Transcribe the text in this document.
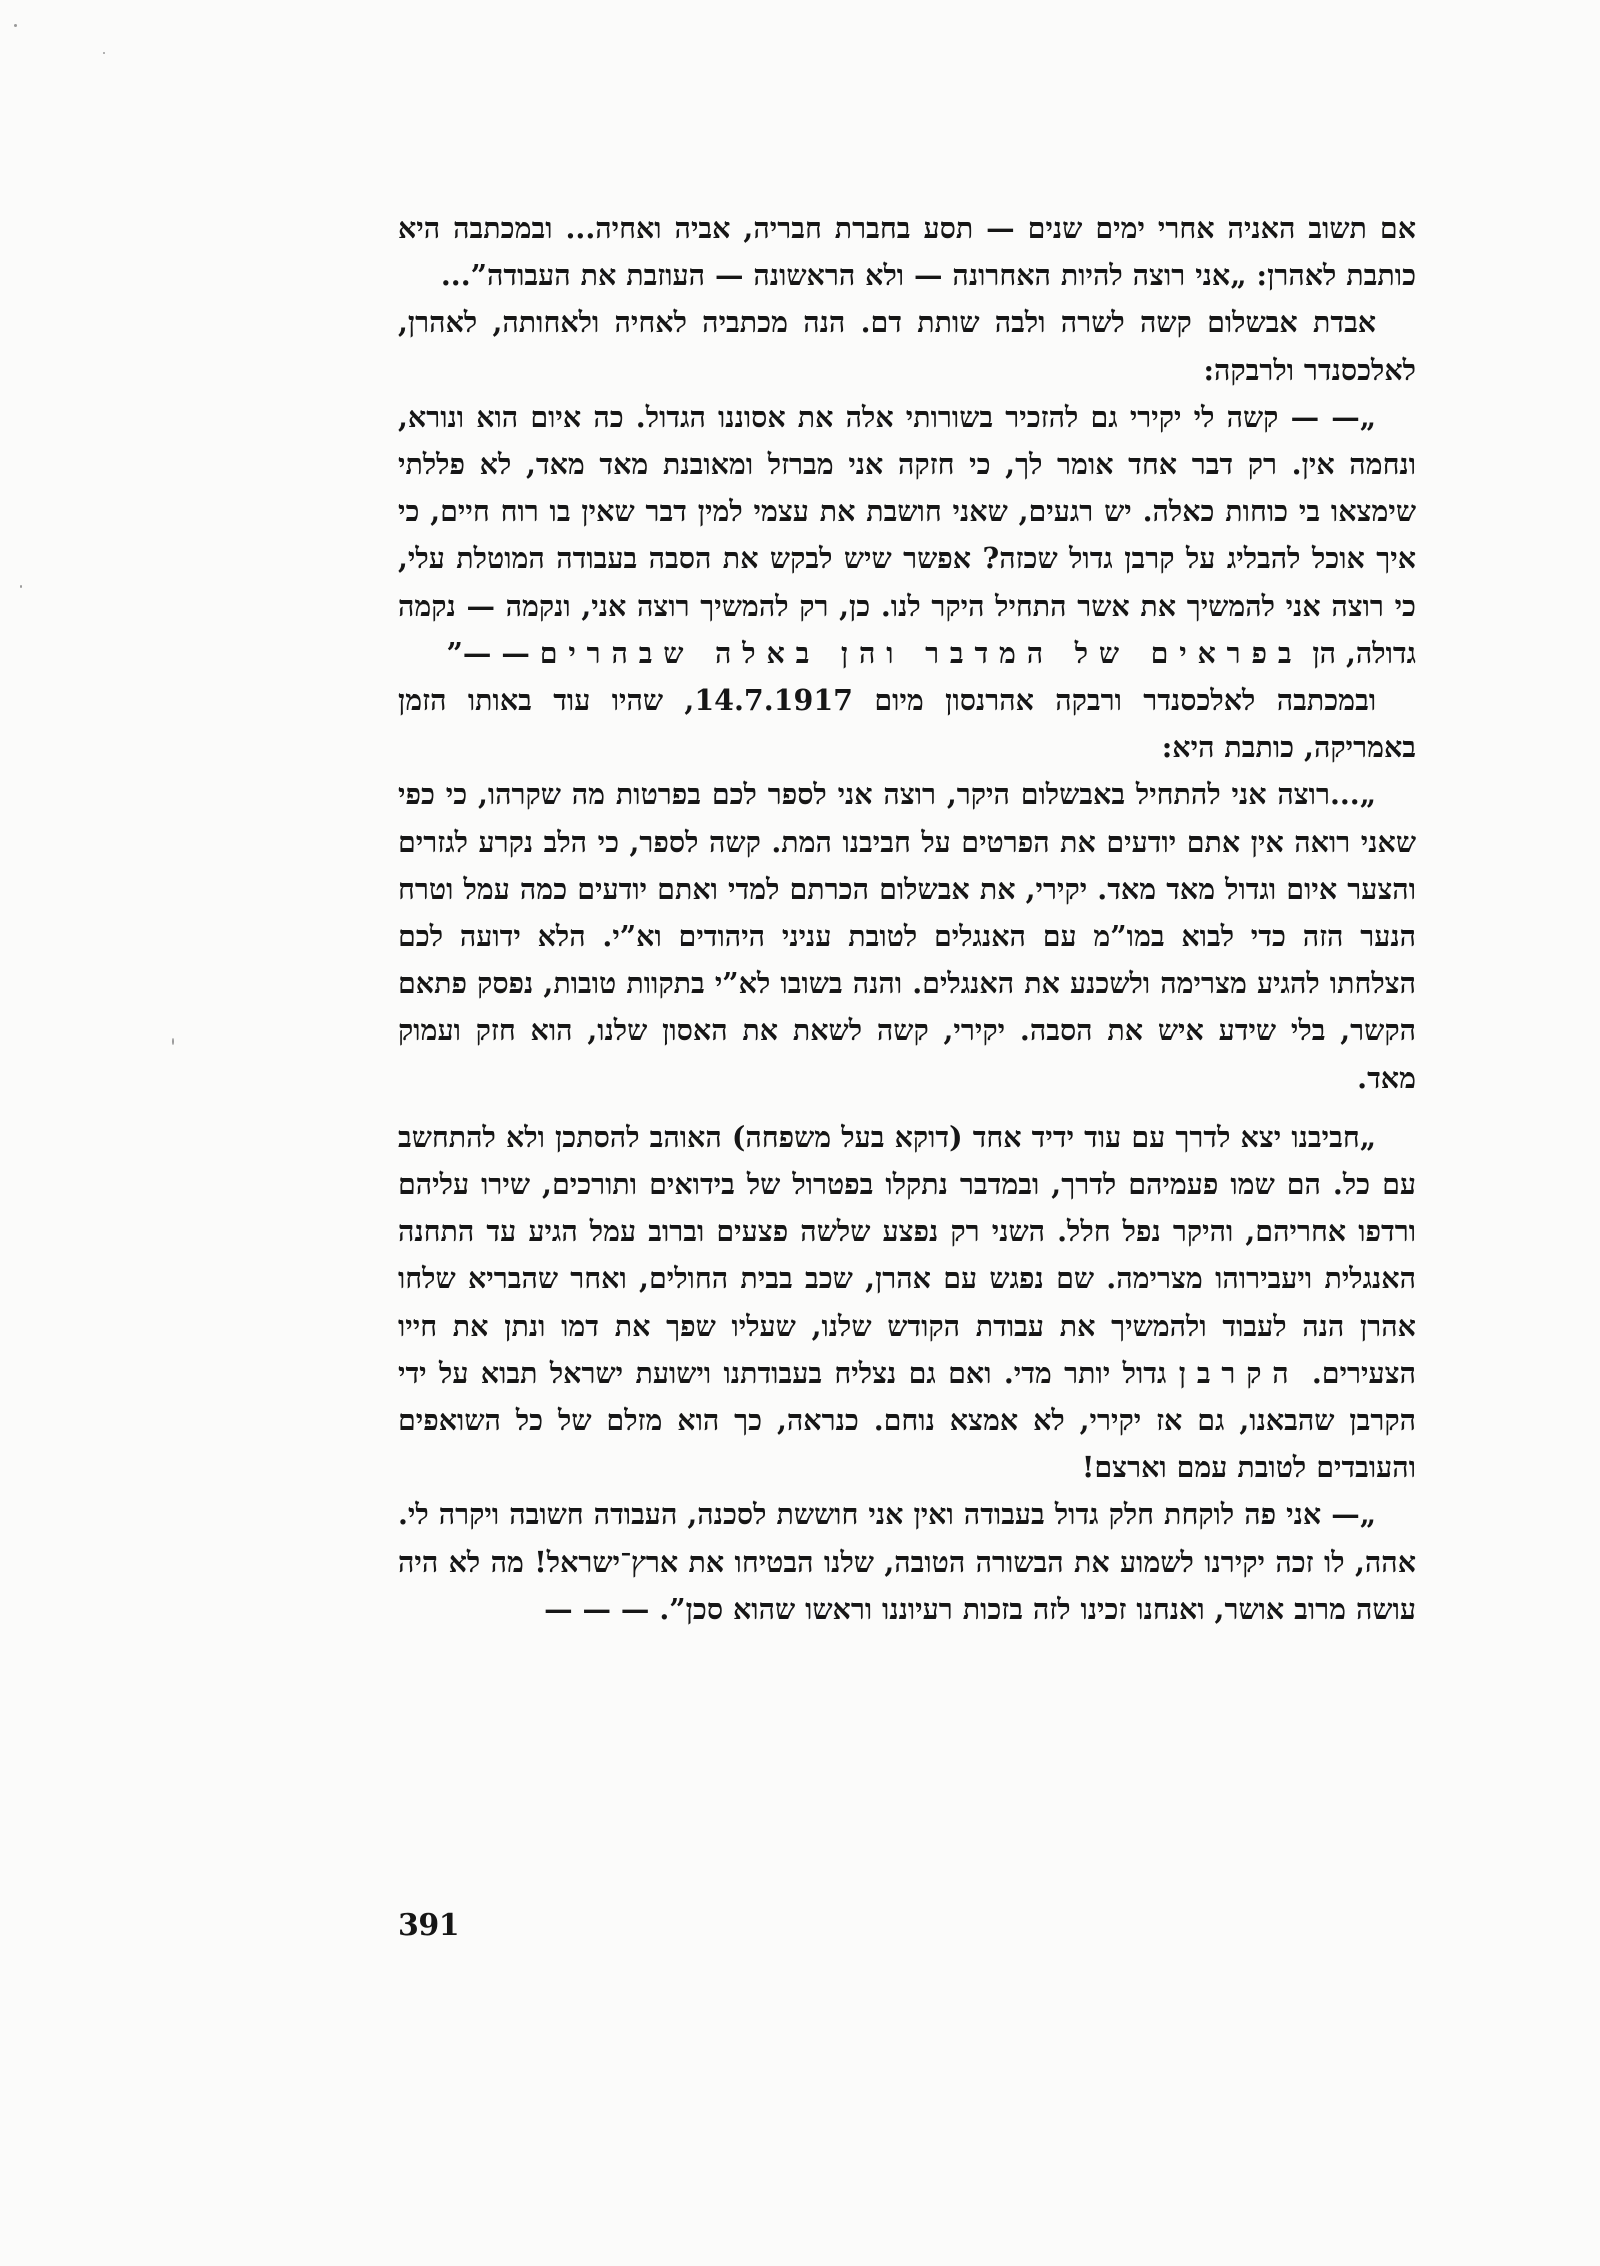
אם תשוב האניה אחרי ימים שנים — תסע בחברת חבריה, אביה ואחיה... ובמכתבה היא כותבת לאהרן: „אני רוצה להיות האחרונה — ולא הראשונה — העוזבת את העבודה”...

אבדת אבשלום קשה לשרה ולבה שותת דם. הנה מכתביה לאחיה ולאחותה, לאהרן, לאלכסנדר ולרבקה:

„— — קשה לי יקירי גם להזכיר בשורותי אלה את אסוננו הגדול. כה איום הוא ונורא, ונחמה אין. רק דבר אחד אומר לך, כי חזקה אני מברזל ומאובנת מאד מאד, לא פללתי שימצאו בי כוחות כאלה. יש רגעים, שאני חושבת את עצמי למין דבר שאין בו רוח חיים, כי איך אוכל להבליג על קרבן גדול שכזה? אפשר שיש לבקש את הסבה בעבודה המוטלת עלי, כי רוצה אני להמשיך את אשר התחיל היקר לנו. כן, רק להמשיך רוצה אני, ונקמה — נקמה גדולה, הן בפראים של המדבר והן באלה שבהרים — —”

ובמכתבה לאלכסנדר ורבקה אהרנסון מיום 14.7.1917, שהיו עוד באותו הזמן באמריקה, כותבת היא:

„...רוצה אני להתחיל באבשלום היקר, רוצה אני לספר לכם בפרטות מה שקרהו, כי כפי שאני רואה אין אתם יודעים את הפרטים על חביבנו המת. קשה לספר, כי הלב נקרע לגזרים והצער איום וגדול מאד מאד. יקירי, את אבשלום הכרתם למדי ואתם יודעים כמה עמל וטרח הנער הזה כדי לבוא במו”מ עם האנגלים לטובת עניני היהודים וא”י. הלא ידועה לכם הצלחתו להגיע מצרימה ולשכנע את האנגלים. והנה בשובו לא”י בתקוות טובות, נפסק פתאם הקשר, בלי שידע איש את הסבה. יקירי, קשה לשאת את האסון שלנו, הוא חזק ועמוק מאד.

„חביבנו יצא לדרך עם עוד ידיד אחד (דוקא בעל משפחה) האוהב להסתכן ולא להתחשב עם כל. הם שמו פעמיהם לדרך, ובמדבר נתקלו בפטרול של בידואים ותורכים, שירו עליהם ורדפו אחריהם, והיקר נפל חלל. השני רק נפצע שלשה פצעים וברוב עמל הגיע עד התחנה האנגלית ויעבירוהו מצרימה. שם נפגש עם אהרן, שכב בבית החולים, ואחר שהבריא שלחו אהרן הנה לעבוד ולהמשיך את עבודת הקודש שלנו, שעליו שפך את דמו ונתן את חייו הצעירים. הקרבן גדול יותר מדי. ואם גם נצליח בעבודתנו וישועת ישראל תבוא על ידי הקרבן שהבאנו, גם אז יקירי, לא אמצא נוחם. כנראה, כך הוא מזלם של כל השואפים והעובדים לטובת עמם וארצם!

„— אני פה לוקחת חלק גדול בעבודה ואין אני חוששת לסכנה, העבודה חשובה ויקרה לי. אהה, לו זכה יקירנו לשמוע את הבשורה הטובה, שלנו הבטיחו את ארץ־ישראל! מה לא היה עושה מרוב אושר, ואנחנו זכינו לזה בזכות רעיוננו וראשו שהוא סכן”. — — —

391
